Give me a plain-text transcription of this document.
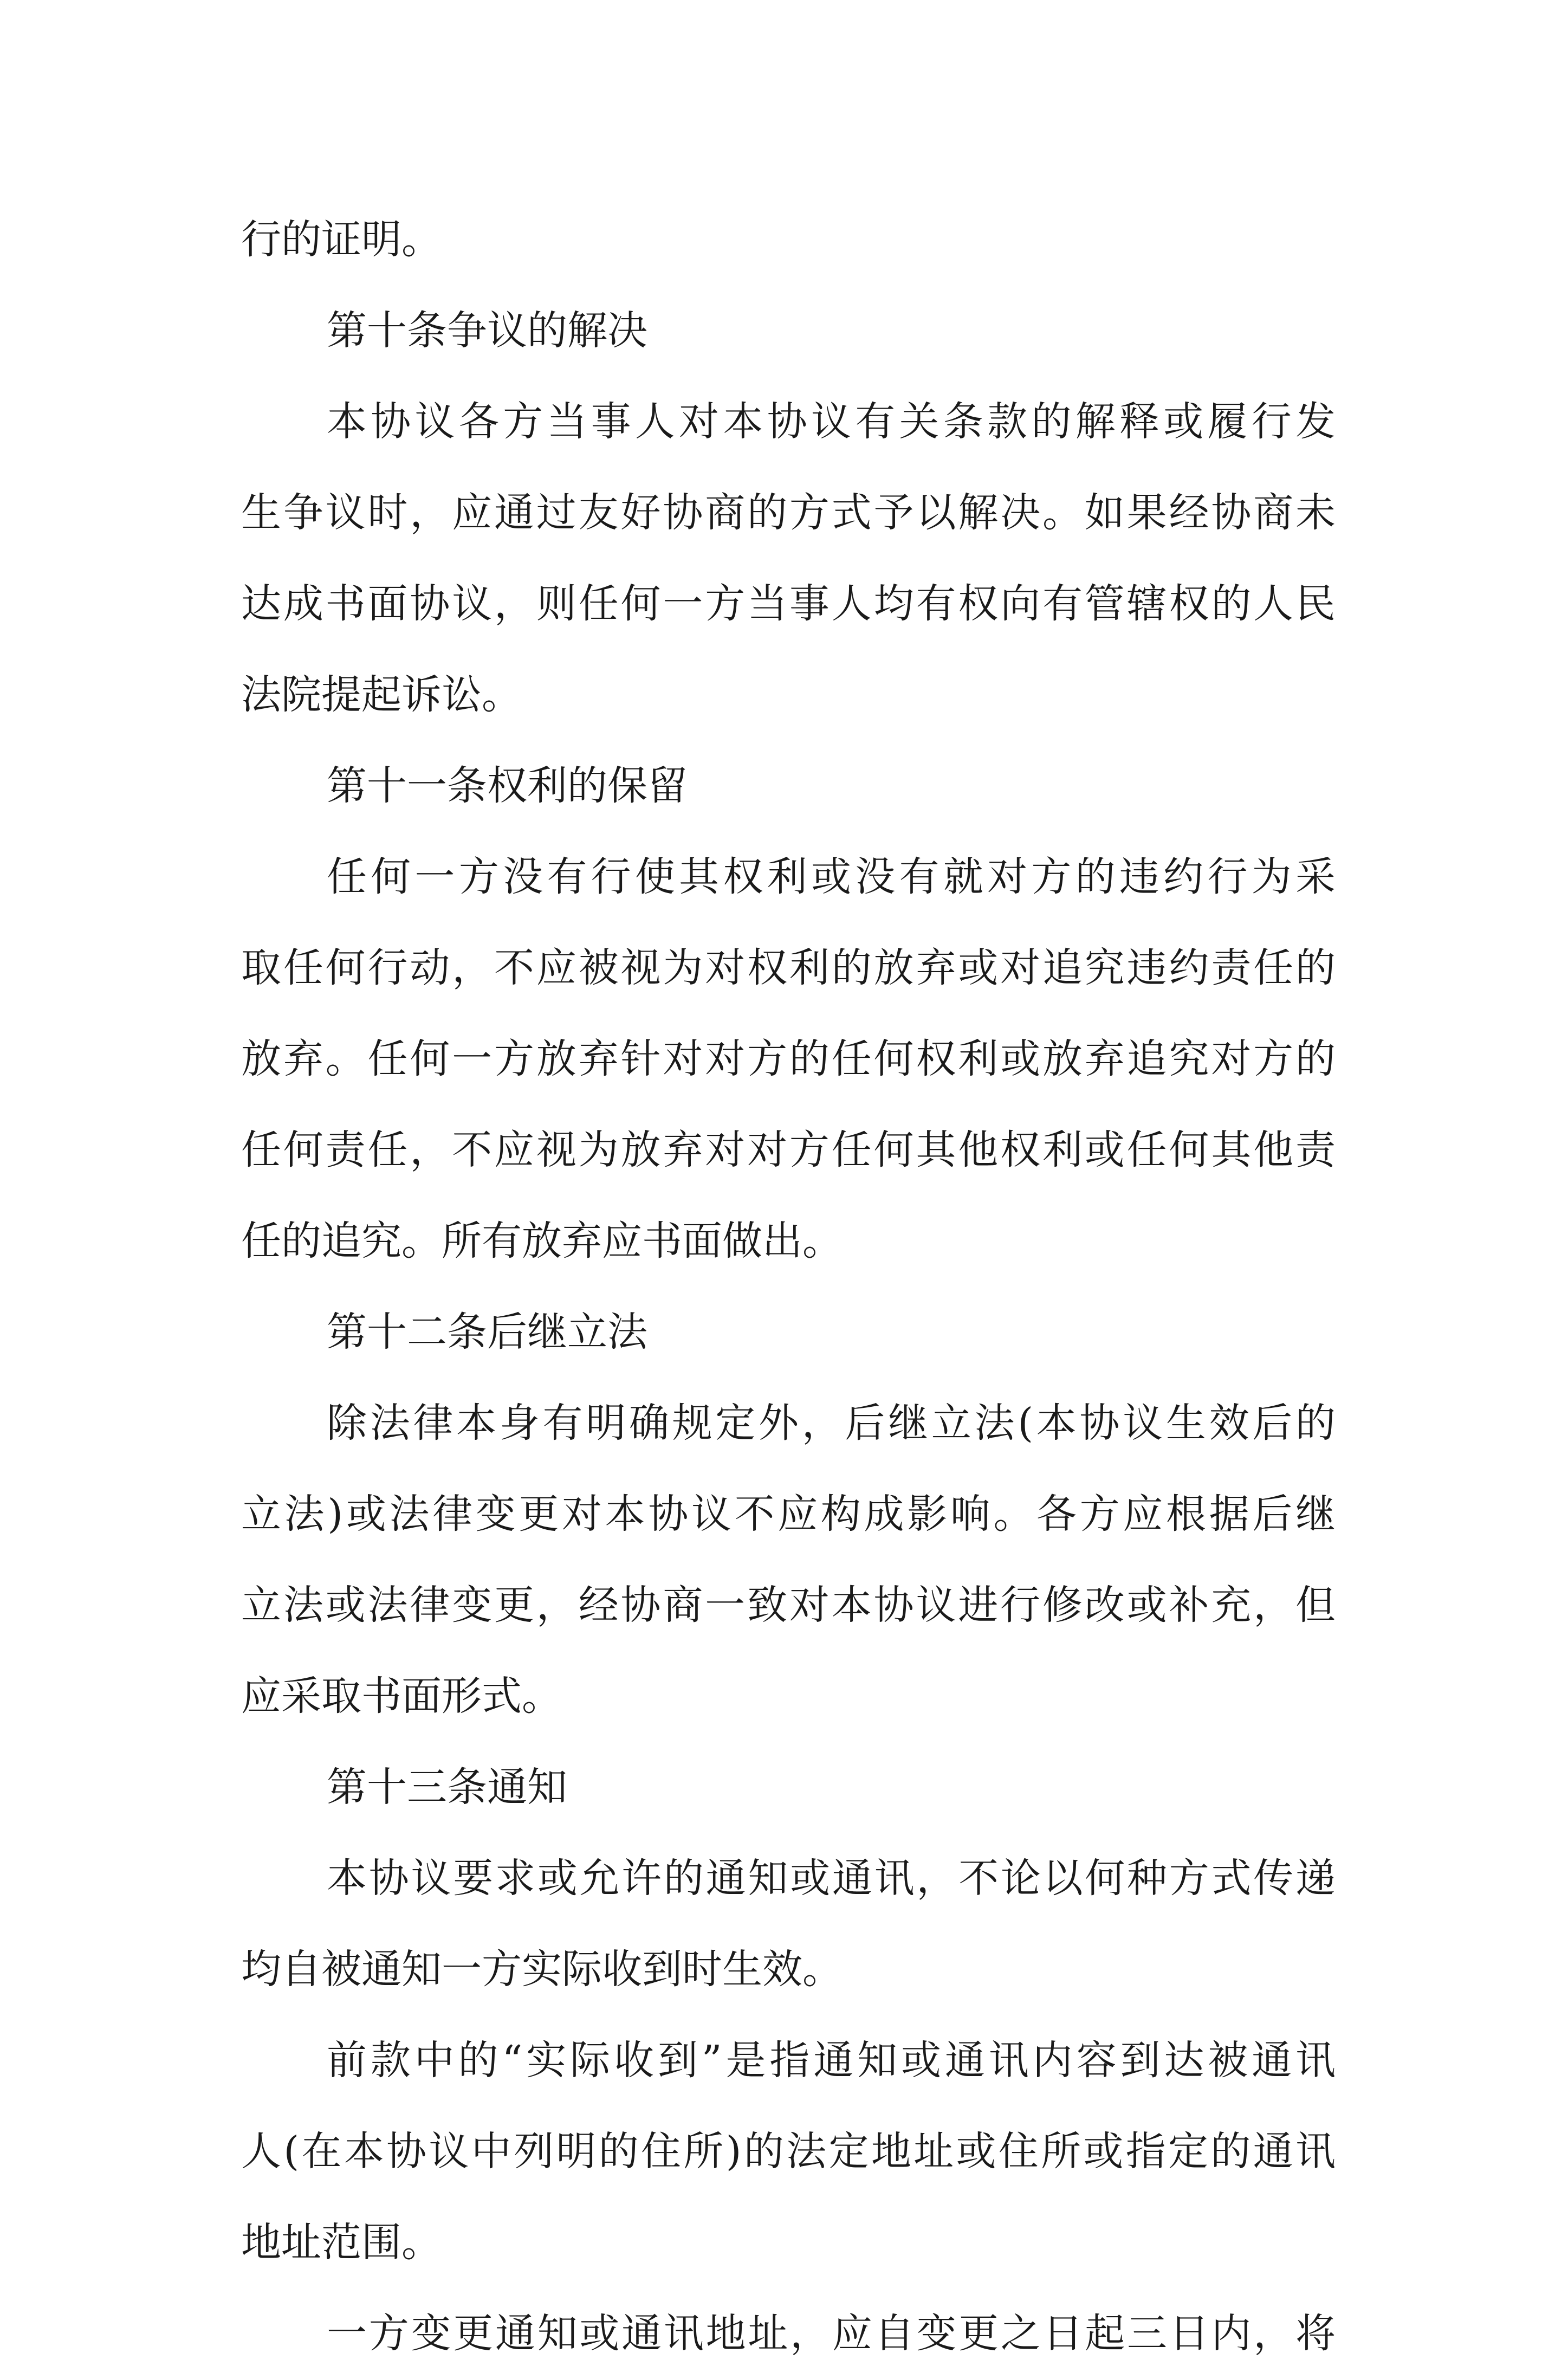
行的证明。
第十条争议的解决
本协议各方当事人对本协议有关条款的解释或履行发
生争议时，应通过友好协商的方式予以解决。如果经协商未
达成书面协议，则任何一方当事人均有权向有管辖权的人民
法院提起诉讼。
第十一条权利的保留
任何一方没有行使其权利或没有就对方的违约行为采
取任何行动，不应被视为对权利的放弃或对追究违约责任的
放弃。任何一方放弃针对对方的任何权利或放弃追究对方的
任何责任，不应视为放弃对对方任何其他权利或任何其他责
任的追究。所有放弃应书面做出。
第十二条后继立法
除法律本身有明确规定外，后继立法(本协议生效后的
立法)或法律变更对本协议不应构成影响。各方应根据后继
立法或法律变更，经协商一致对本协议进行修改或补充，但
应采取书面形式。
第十三条通知
本协议要求或允许的通知或通讯，不论以何种方式传递
均自被通知一方实际收到时生效。
前款中的“实际收到”是指通知或通讯内容到达被通讯
人(在本协议中列明的住所)的法定地址或住所或指定的通讯
地址范围。
一方变更通知或通讯地址，应自变更之日起三日内，将
